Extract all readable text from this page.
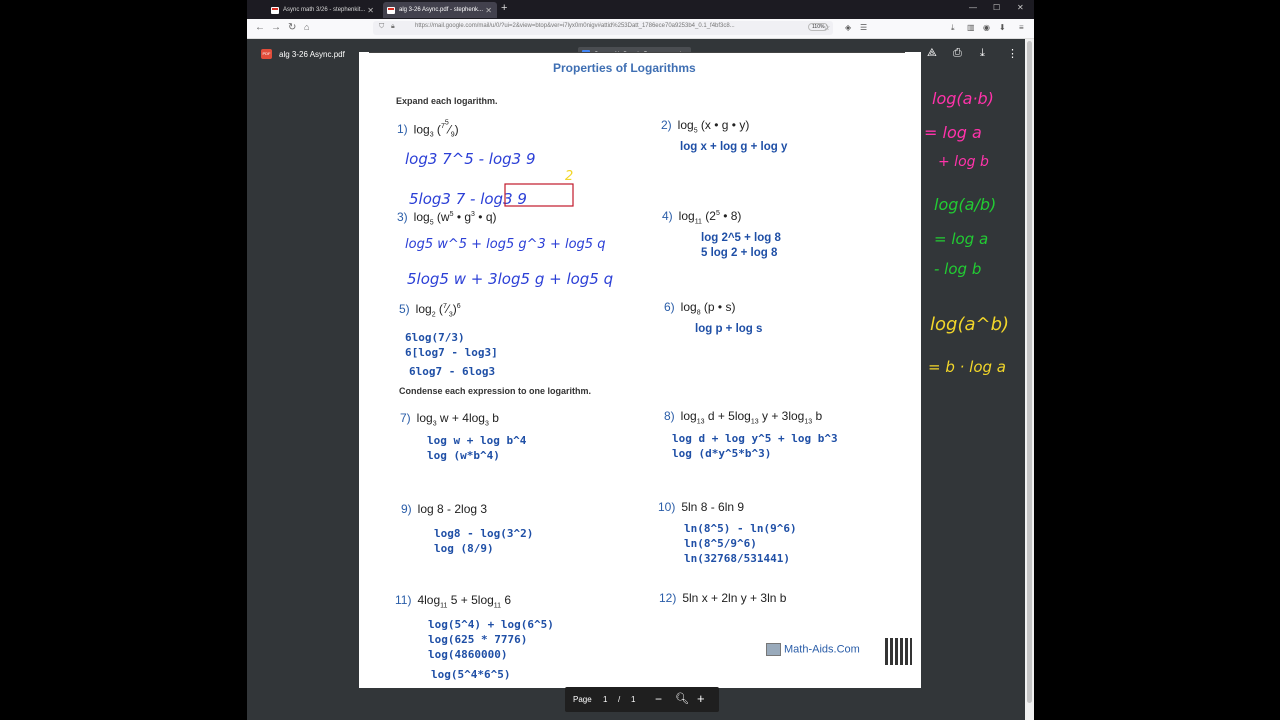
Async math 3/26 - stephenkit... ✕	alg 3-26 Async.pdf - stephenk... ✕ +	— ☐ ✕
← → ↻ ⌂	⛉ 🔒︎	https://mail.google.com/mail/u/0/?ui=2&view=btop&ver=i7lyx0m0nigv#attid%253Datt_1786ece70a9253b4_0.1_f4bf3c8...	110%
☆ ◈ ☰	⤓ ▥ ◉ ⬇ ≡
PDF alg 3-26 Async.pdf	⟁ ⎙ ⤓ ⋮
Properties of Logarithms
Expand each logarithm.
1) $\log_3$ $(^{7^5}⁄_9)$	2) $\log_5 (x$ • g • y)
log x + log g + log y
log3 7^5 - log3 9
5log3 7 - log3 9
2
3) $\log_5 (w^5$ • $g^3$ • q)	4) $\log_{11} (2^5$ • 8)
log 2^5 + log 8
5 log 2 + log 8
log5 w^5 + log5 g^3 + log5 q
5log5 w + 3log5 g + log5 q
5) $\log_2$ $(^7⁄_3)^6$
6log(7/3)
6[log7 - log3]
6log7 - 6log3
6) $\log_8 (p$ • s)
log p + log s
Condense each expression to one logarithm.
7) $\log_3 w + 4\log_3$ b
log w + log b^4
log (w*b^4)
8) $\log_{13} d + 5\log_{13}$ $y + 3\log_{13}$ b
log d + log y^5 + log b^3
log (d*y^5*b^3)
9) log 8 - 2log 3
log8 - log(3^2)
log (8/9)
10) 5ln 8 - 6ln 9
ln(8^5) - ln(9^6)
ln(8^5/9^6)
ln(32768/531441)
11) $4\log_{11}$ $5 + 5\log_{11}$ 6
log(5^4) + log(6^5)
log(625 * 7776)
log(4860000)
log(5^4*6^5)
12) 5ln x + 2ln y + 3ln b
Math-Aids.Com
Page 1 / 1 − 🔍︎ +
log(a·b)
= log a
+ log b
log(a/b)
= log a
- log b
log(a^b)
= b · log a
